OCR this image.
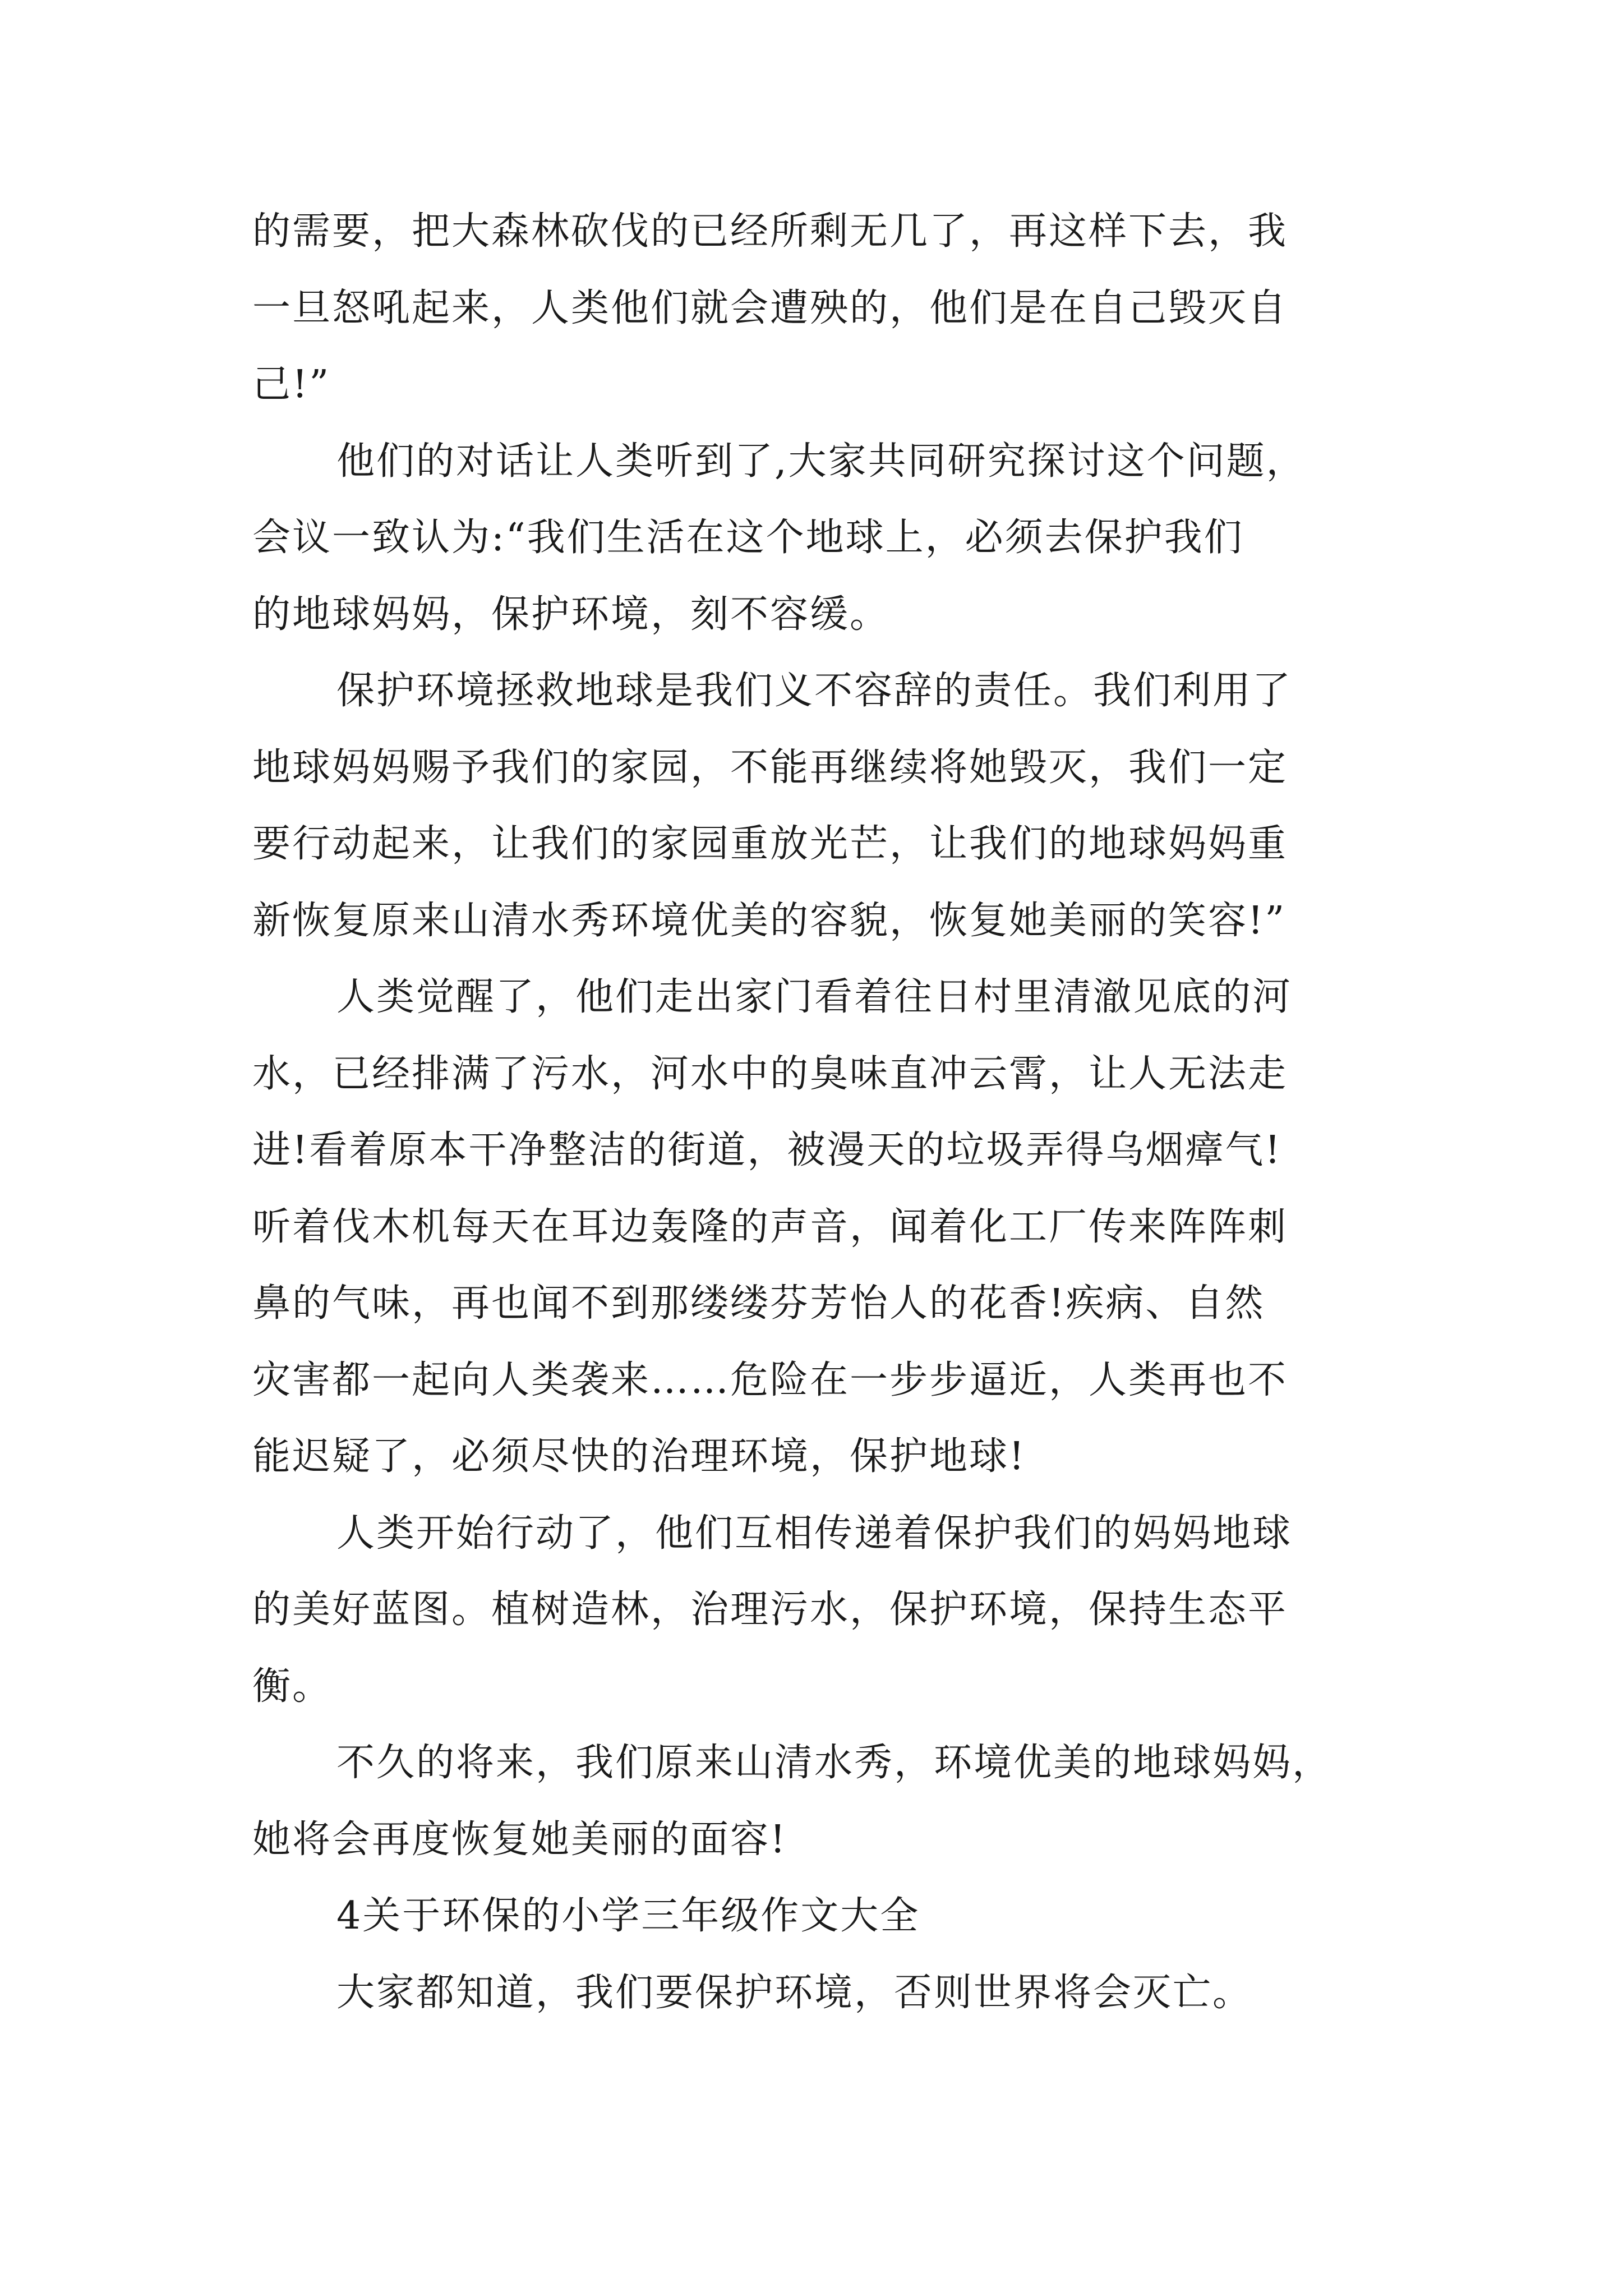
的需要，把大森林砍伐的已经所剩无几了，再这样下去，我
一旦怒吼起来，人类他们就会遭殃的，他们是在自己毁灭自
己!”
他们的对话让人类听到了,大家共同研究探讨这个问题，
会议一致认为:“我们生活在这个地球上，必须去保护我们
的地球妈妈，保护环境，刻不容缓。
保护环境拯救地球是我们义不容辞的责任。我们利用了
地球妈妈赐予我们的家园，不能再继续将她毁灭，我们一定
要行动起来，让我们的家园重放光芒，让我们的地球妈妈重
新恢复原来山清水秀环境优美的容貌，恢复她美丽的笑容!”
人类觉醒了，他们走出家门看着往日村里清澈见底的河
水，已经排满了污水，河水中的臭味直冲云霄，让人无法走
进!看着原本干净整洁的街道，被漫天的垃圾弄得乌烟瘴气!
听着伐木机每天在耳边轰隆的声音，闻着化工厂传来阵阵刺
鼻的气味，再也闻不到那缕缕芬芳怡人的花香!疾病、自然
灾害都一起向人类袭来……危险在一步步逼近，人类再也不
能迟疑了，必须尽快的治理环境，保护地球!
人类开始行动了，他们互相传递着保护我们的妈妈地球
的美好蓝图。植树造林，治理污水，保护环境，保持生态平
衡。
不久的将来，我们原来山清水秀，环境优美的地球妈妈，
她将会再度恢复她美丽的面容!
4关于环保的小学三年级作文大全
大家都知道，我们要保护环境，否则世界将会灭亡。
